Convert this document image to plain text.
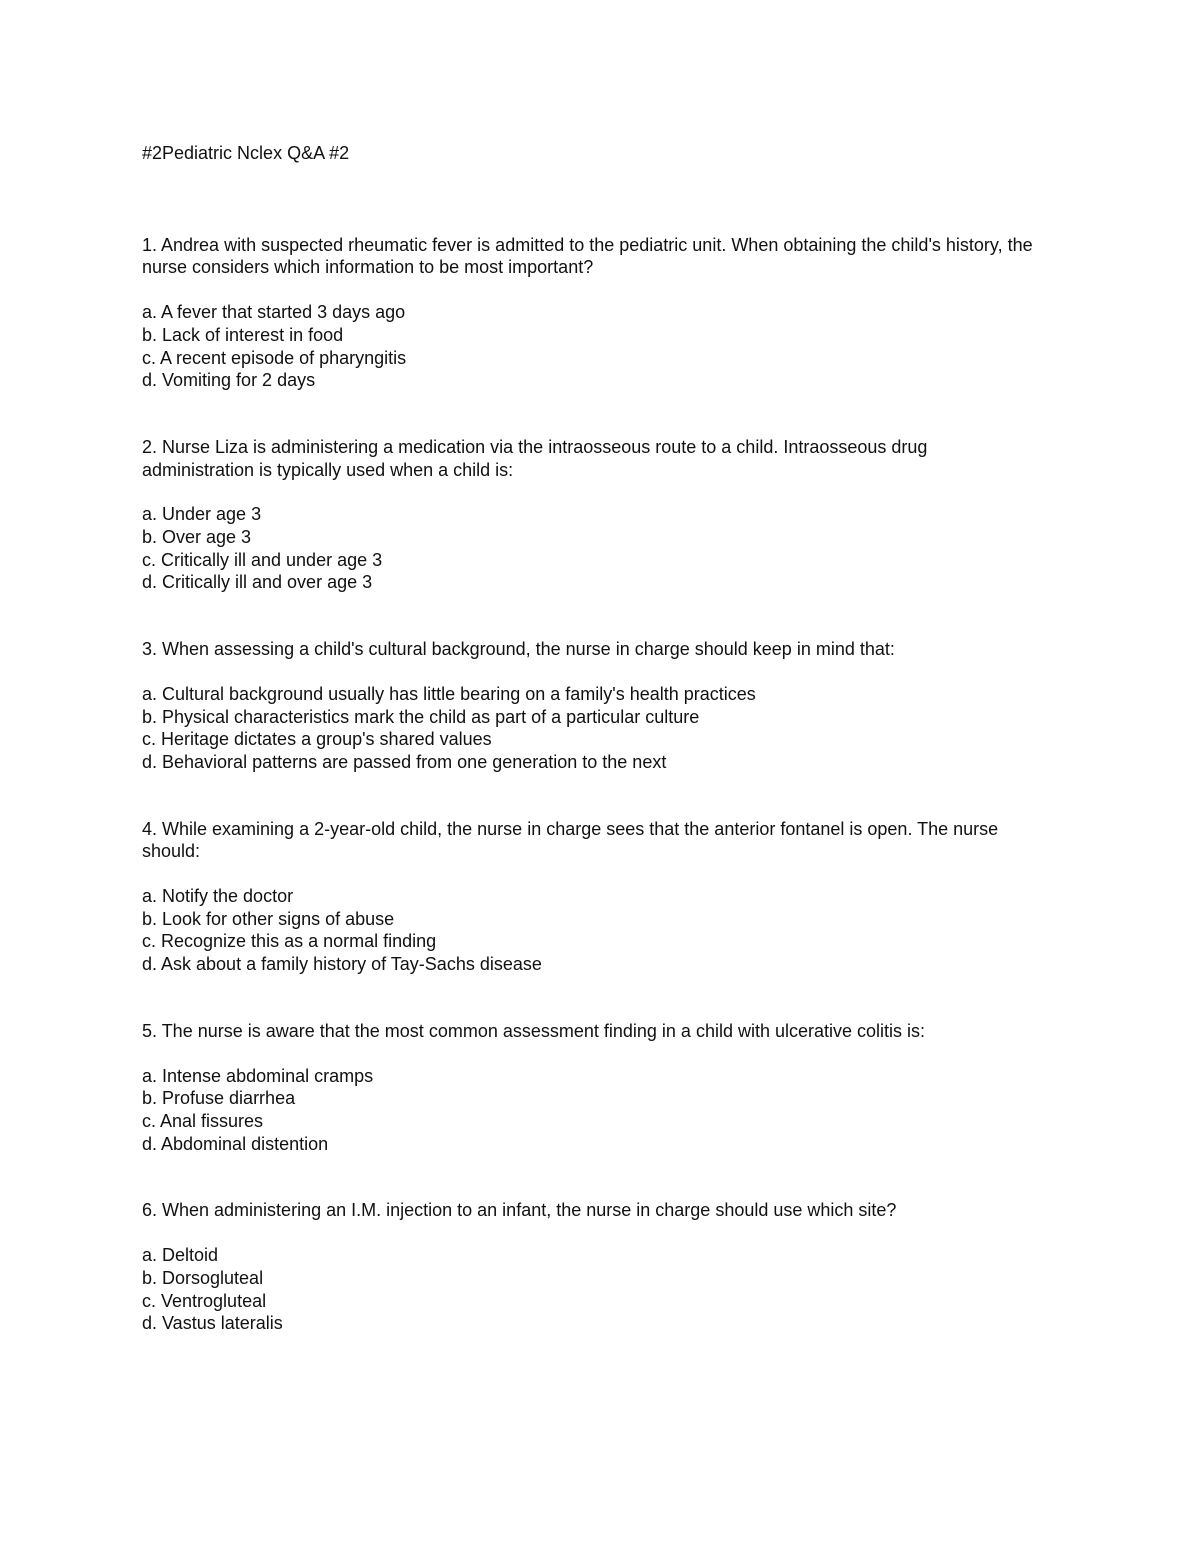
#2Pediatric Nclex Q&A #2

1. Andrea with suspected rheumatic fever is admitted to the pediatric unit. When obtaining the child's history, the nurse considers which information to be most important?

a. A fever that started 3 days ago
b. Lack of interest in food
c. A recent episode of pharyngitis
d. Vomiting for 2 days

2. Nurse Liza is administering a medication via the intraosseous route to a child. Intraosseous drug administration is typically used when a child is:

a. Under age 3
b. Over age 3
c. Critically ill and under age 3
d. Critically ill and over age 3

3. When assessing a child's cultural background, the nurse in charge should keep in mind that:

a. Cultural background usually has little bearing on a family's health practices
b. Physical characteristics mark the child as part of a particular culture
c. Heritage dictates a group's shared values
d. Behavioral patterns are passed from one generation to the next

4. While examining a 2-year-old child, the nurse in charge sees that the anterior fontanel is open. The nurse should:

a. Notify the doctor
b. Look for other signs of abuse
c. Recognize this as a normal finding
d. Ask about a family history of Tay-Sachs disease

5. The nurse is aware that the most common assessment finding in a child with ulcerative colitis is:

a. Intense abdominal cramps
b. Profuse diarrhea
c. Anal fissures
d. Abdominal distention

6. When administering an I.M. injection to an infant, the nurse in charge should use which site?

a. Deltoid
b. Dorsogluteal
c. Ventrogluteal
d. Vastus lateralis
